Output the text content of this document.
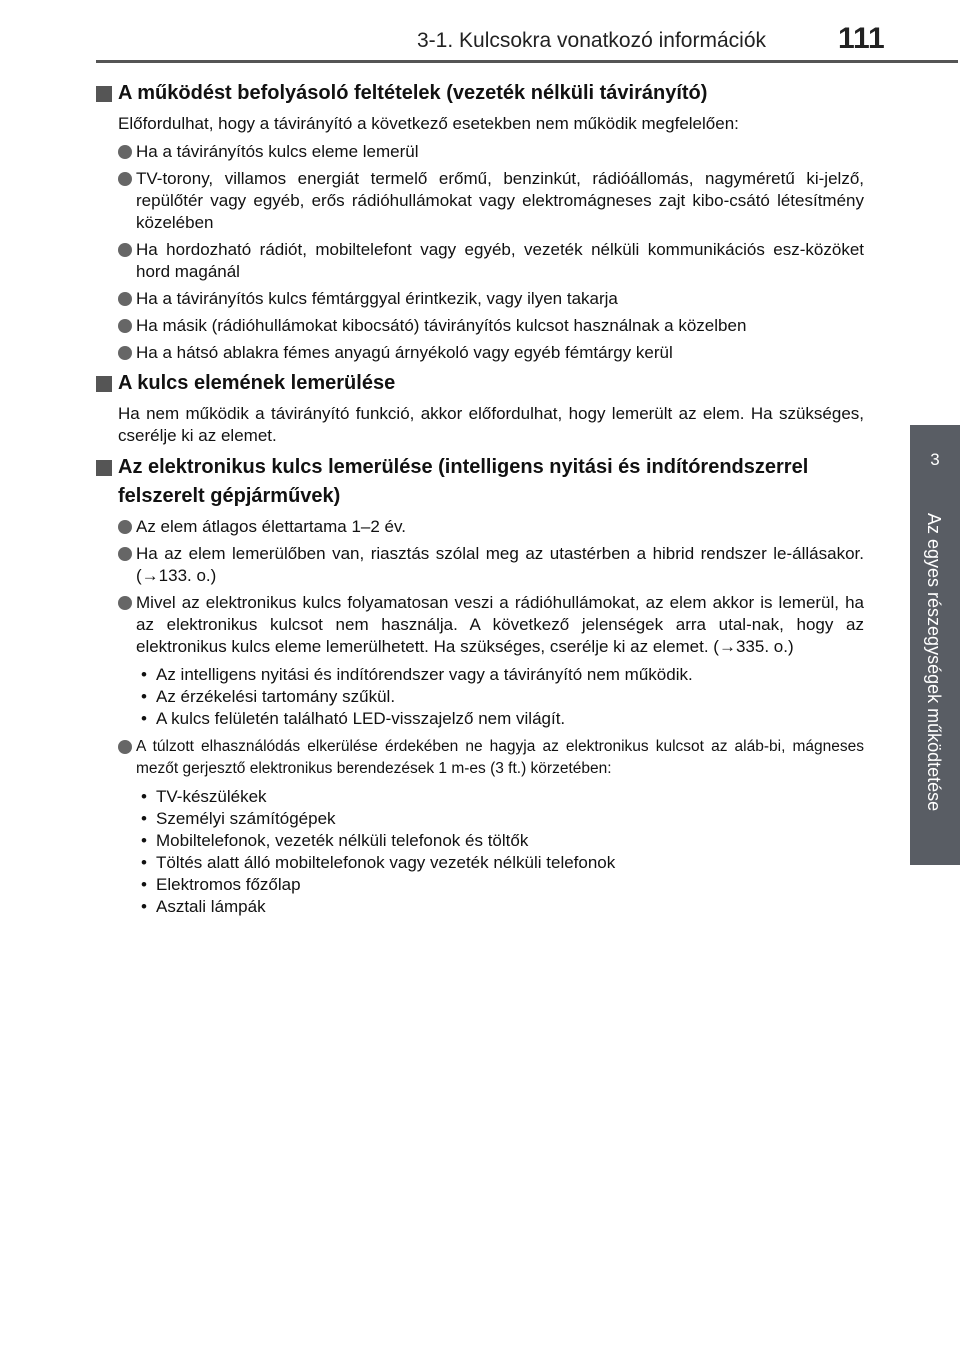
3-1. Kulcsokra vonatkozó információk 111
3
Az egyes részegységek működtetése
A működést befolyásoló feltételek (vezeték nélküli távirányító)
Előfordulhat, hogy a távirányító a következő esetekben nem működik megfelelően:
Ha a távirányítós kulcs eleme lemerül
TV-torony, villamos energiát termelő erőmű, benzinkút, rádióállomás, nagyméretű ki-jelző, repülőtér vagy egyéb, erős rádióhullámokat vagy elektromágneses zajt kibo-csátó létesítmény közelében
Ha hordozható rádiót, mobiltelefont vagy egyéb, vezeték nélküli kommunikációs esz-közöket hord magánál
Ha a távirányítós kulcs fémtárggyal érintkezik, vagy ilyen takarja
Ha másik (rádióhullámokat kibocsátó) távirányítós kulcsot használnak a közelben
Ha a hátsó ablakra fémes anyagú árnyékoló vagy egyéb fémtárgy kerül
A kulcs elemének lemerülése
Ha nem működik a távirányító funkció, akkor előfordulhat, hogy lemerült az elem. Ha szükséges, cserélje ki az elemet.
Az elektronikus kulcs lemerülése (intelligens nyitási és indítórendszerrel felszerelt gépjárművek)
Az elem átlagos élettartama 1–2 év.
Ha az elem lemerülőben van, riasztás szólal meg az utastérben a hibrid rendszer le-állásakor. (→133. o.)
Mivel az elektronikus kulcs folyamatosan veszi a rádióhullámokat, az elem akkor is lemerül, ha az elektronikus kulcsot nem használja. A következő jelenségek arra utal-nak, hogy az elektronikus kulcs eleme lemerülhetett. Ha szükséges, cserélje ki az elemet. (→335. o.)
• Az intelligens nyitási és indítórendszer vagy a távirányító nem működik.
• Az érzékelési tartomány szűkül.
• A kulcs felületén található LED-visszajelző nem világít.
A túlzott elhasználódás elkerülése érdekében ne hagyja az elektronikus kulcsot az aláb-bi, mágneses mezőt gerjesztő elektronikus berendezések 1 m-es (3 ft.) körzetében:
• TV-készülékek
• Személyi számítógépek
• Mobiltelefonok, vezeték nélküli telefonok és töltők
• Töltés alatt álló mobiltelefonok vagy vezeték nélküli telefonok
• Elektromos főzőlap
• Asztali lámpák
